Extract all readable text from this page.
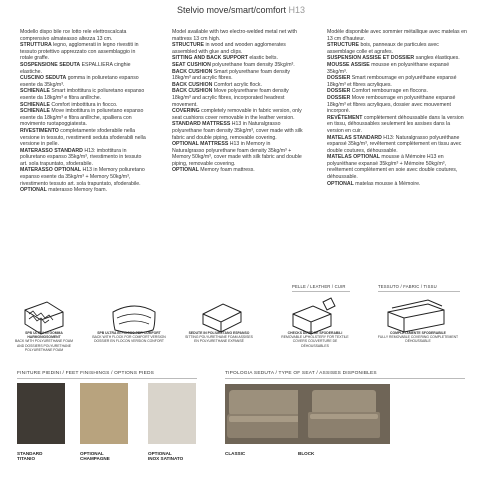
Stelvio move/smart/comfort H13

Modello dispo bile rce lotto rele elettroscalcata comprensivo almateasso altezza 13 cm.

STRUTTURA legno, agglomerati in legno rivestiti in tessuto protettivo apprezzato con assemblaggio in rotale graffe.

SOSPENSIONE SEDUTA ESPALLIERA cinghie elastiche.

CUSCINO SEDUTA gomma in poliuretano espanso esente da 35kg/m³.

SCHIENALE Smart imbottitura ic poliuretano espanso esente da 18kg/m³ e fibra anillrche.

SCHIENALE Comfort imbottitura in fiocco.

SCHIENALE Move imbottitura in poliuretano espanso esente da 18kg/m³ e fibra anillrche, spalliera con movimento ruotapoggiatesta.

RIVESTIMENTO completamente sfoderabile nella versione in tessuto, rvestimenti seduta sfoderabili nella versione in pelle.

MATERASSO STANDARD H13: imbottitura in poliuretano espanso 35kg/m³, rivestimento in tessuto art. sola trapuntato, sfoderabile.

MATERASSO OPTIONAL H13 in Memory poliuretano espanso esente da 35kg/m³ + Memory 50kg/m³, rivestimento tessuto art. sola trapuntato, sfoderabile.

OPTIONAL materasso Memory foam.

Model available with two electro-welded metal net with mattress 13 cm high.

STRUCTURE in wood and wooden agglomerates assembled with glue and clips.

SITTING AND BACK SUPPORT elastic belts.

SEAT CUSHION polyurethane foam density 35kg/m³.

BACK CUSHION Smart polyurethane foam density 18kg/m³ and acrylic fibres.

BACK CUSHION Comfort acrylic flock.

BACK CUSHION Move polyurethane foam density 18kg/m³ and acrylic fibres, incorporated headrest movement.

COVERING completely removable in fabric version, only seat cushions cover removable in the leather version.

STANDARD MATTRESS H13 in Naturalgrasso polyurethane foam density 35kg/m³, cover made with silk fabric and double piping, removable covering.

OPTIONAL MATTRESS H13 in Memory in Naturalgrasso polyurethane foam density 35kg/m³ + Memory 50kg/m³, cover made with silk fabric and double piping, removable covering.

OPTIONAL Memory foam mattress.

Modèle disponible avec sommier métallique avec matelas en 13 cm d'hauteur.

STRUCTURE bois, panneaux de particules avec assemblage colle et agrafes.

SUSPENSION ASSISE ET DOSSIER sangles élastiques.

MOUSSE ASSISE mousse en polyuréthane expansé 35kg/m³.

DOSSIER Smart rembourrage en polyuréthane expansé 18kg/m³ et fibres acryliques.

DOSSIER Comfort rembourrage en flocons.

DOSSIER Move rembourrage en polyuréthane expansé 18kg/m³ et fibres acryliques, dossier avec mouvement incorporé.

REVÊTEMENT complètement déhoussable dans la version en tissu, déhoussables seulement les assises dans la version en cuir.

MATELAS STANDARD H13: Naturalgrasso polyuréthane expansé 35kg/m³, revêtement complètement en tissu avec double coutures, déhoussable.

MATELAS OPTIONAL mousse à Mémoire H13 en polyuréthane expansé 35kg/m³ + Mémoire 50kg/m³, revêtement complètement en soie avec double coutures, déhoussable.

OPTIONAL matelas mousse à Mémoire.

PELLE / LEATHER / CUIR	TESSUTO / FABRIC / TISSU
SPB ULTRA IN GOMMA HARMONIOSOMENT
BACK WITH POLYURETHANE FOAM AND DOSSIERS POLYURETHANE POLYURETHANE FOAM
SPB ULTRA IN FIOCCO PER COMFORT
BACK WITH FLOCK FOR COMFORT VERSION DOSSIER EN FLOCON VERSION CONFORT
SEDUTE IN POLIURETANO ESPANSO
SITTING POLYURETHANE FOAM ASSISES EN POLYURETHANE EXPANSÉ
CHECKS DIREDGE SFODERABILI
REMOVABLE UPHOLSTERY FOR TEXTILE COVERS COUVERTURE DE DÉHOUSSABLES
COMPLETAMENTE SFODERABILE
FULLY REMOVABLE COVERING COMPLETEMENT DÉHOUSSABLE
FINITURE PIEDINI / FEET FINISHINGS / OPTIONS PIEDS
STANDARD
TITANIO
OPTIONAL
CHAMPAGNE
OPTIONAL
INOX SATINATO
TIPOLOGIA SEDUTA / TYPE OF SEAT / ASSISES DISPONIBLES
CLASSIC	BLOCK
